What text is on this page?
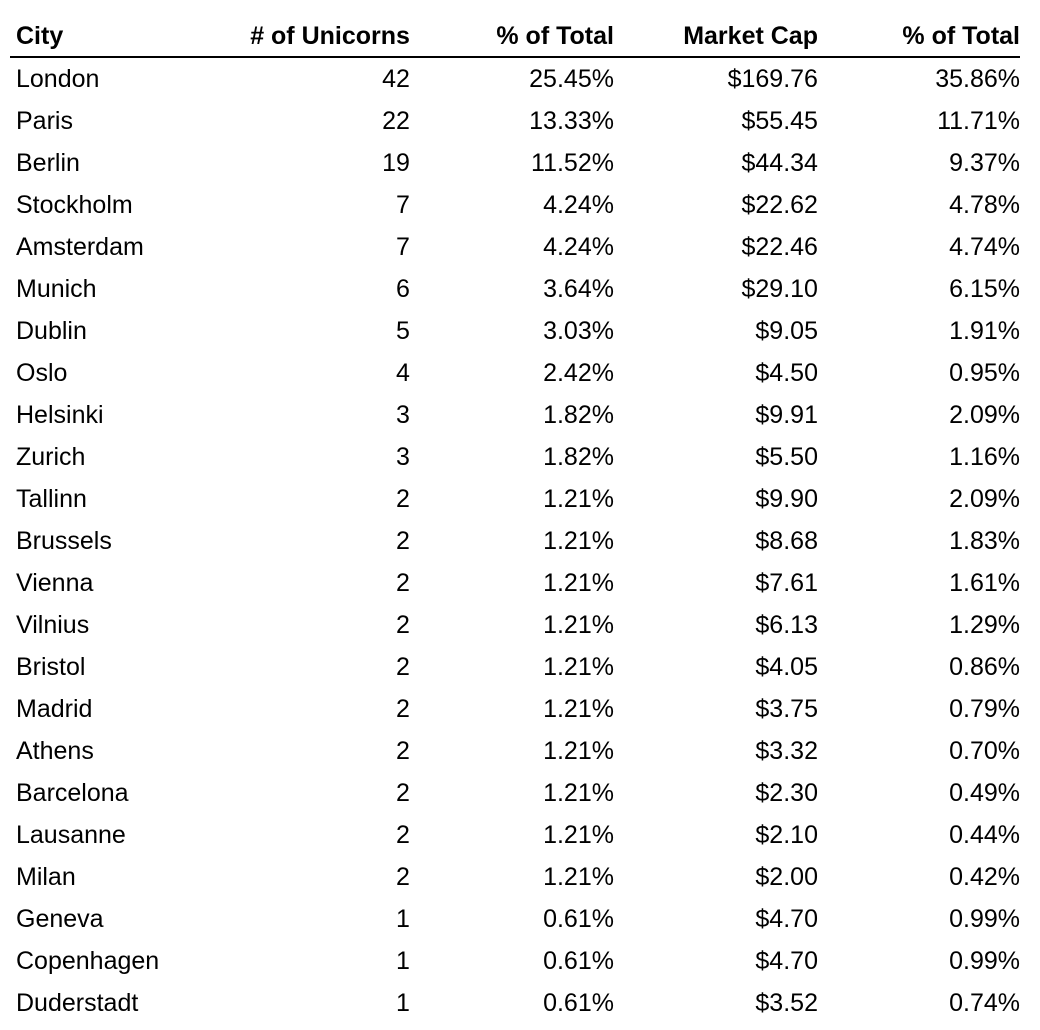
City	# of Unicorns	% of Total	Market Cap	% of Total
London	42	25.45%	$169.76	35.86%
Paris	22	13.33%	$55.45	11.71%
Berlin	19	11.52%	$44.34	9.37%
Stockholm	7	4.24%	$22.62	4.78%
Amsterdam	7	4.24%	$22.46	4.74%
Munich	6	3.64%	$29.10	6.15%
Dublin	5	3.03%	$9.05	1.91%
Oslo	4	2.42%	$4.50	0.95%
Helsinki	3	1.82%	$9.91	2.09%
Zurich	3	1.82%	$5.50	1.16%
Tallinn	2	1.21%	$9.90	2.09%
Brussels	2	1.21%	$8.68	1.83%
Vienna	2	1.21%	$7.61	1.61%
Vilnius	2	1.21%	$6.13	1.29%
Bristol	2	1.21%	$4.05	0.86%
Madrid	2	1.21%	$3.75	0.79%
Athens	2	1.21%	$3.32	0.70%
Barcelona	2	1.21%	$2.30	0.49%
Lausanne	2	1.21%	$2.10	0.44%
Milan	2	1.21%	$2.00	0.42%
Geneva	1	0.61%	$4.70	0.99%
Copenhagen	1	0.61%	$4.70	0.99%
Duderstadt	1	0.61%	$3.52	0.74%
